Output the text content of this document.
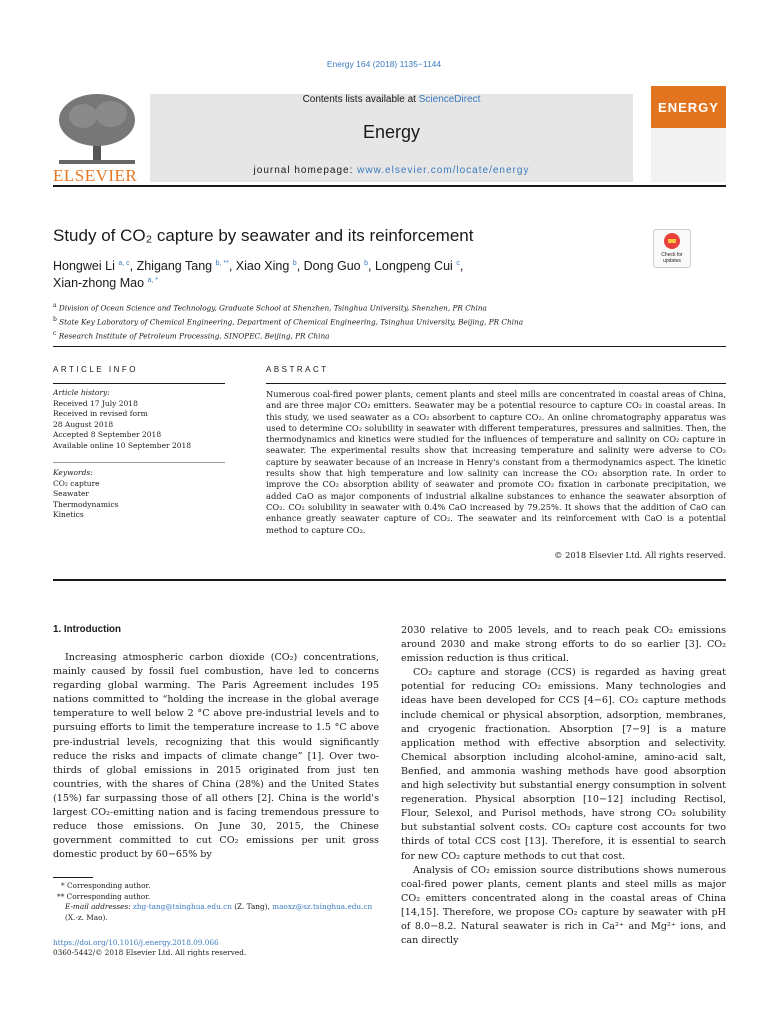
Energy 164 (2018) 1135−1144
ELSEVIER
Contents lists available at ScienceDirect
Energy
journal homepage: www.elsevier.com/locate/energy
ENERGY
Study of CO₂ capture by seawater and its reinforcement
Check for updates
Hongwei Li $^{a, c}$, Zhigang Tang $^{b, **}$, Xiao Xing $^b$, Dong Guo $^b$, Longpeng Cui $^c$,
Xian-zhong Mao $^{a, *}$
$^a$ Division of Ocean Science and Technology, Graduate School at Shenzhen, Tsinghua University, Shenzhen, PR China
$^b$ State Key Laboratory of Chemical Engineering, Department of Chemical Engineering, Tsinghua University, Beijing, PR China
$^c$ Research Institute of Petroleum Processing, SINOPEC, Beijing, PR China
ARTICLE INFO
Article history:
Received 17 July 2018
Received in revised form
28 August 2018
Accepted 8 September 2018
Available online 10 September 2018
Keywords:
CO₂ capture
Seawater
Thermodynamics
Kinetics
ABSTRACT
Numerous coal-fired power plants, cement plants and steel mills are concentrated in coastal areas of China, and are three major CO₂ emitters. Seawater may be a potential resource to capture CO₂ in coastal areas. In this study, we used seawater as a CO₂ absorbent to capture CO₂. An online chromatography apparatus was used to determine CO₂ solubility in seawater with different temperatures, pressures and salinities. Then, the thermodynamics and kinetics were studied for the influences of temperature and salinity on CO₂ capture in seawater. The experimental results show that increasing temperature and salinity were adverse to CO₂ capture by seawater because of an increase in Henry's constant from a thermodynamics aspect. The kinetic results show that high temperature and low salinity can increase the CO₂ absorption rate. In order to improve the CO₂ absorption ability of seawater and promote CO₂ fixation in carbonate precipitation, we added CaO as major components of industrial alkaline substances to enhance the seawater absorption of CO₂. CO₂ solubility in seawater with 0.4% CaO increased by 79.25%. It shows that the addition of CaO can enhance greatly seawater capture of CO₂. The seawater and its reinforcement with CaO is a potential method to capture CO₂.
© 2018 Elsevier Ltd. All rights reserved.
1. Introduction

Increasing atmospheric carbon dioxide (CO₂) concentrations, mainly caused by fossil fuel combustion, have led to concerns regarding global warming. The Paris Agreement includes 195 nations committed to “holding the increase in the global average temperature to well below 2 °C above pre-industrial levels and to pursuing efforts to limit the temperature increase to 1.5 °C above pre-industrial levels, recognizing that this would significantly reduce the risks and impacts of climate change” [1]. Over two-thirds of global emissions in 2015 originated from just ten countries, with the shares of China (28%) and the United States (15%) far surpassing those of all others [2]. China is the world's largest CO₂-emitting nation and is facing tremendous pressure to reduce those emissions. On June 30, 2015, the Chinese government committed to cut CO₂ emissions per unit gross domestic product by 60−65% by

2030 relative to 2005 levels, and to reach peak CO₂ emissions around 2030 and make strong efforts to do so earlier [3]. CO₂ emission reduction is thus critical.

CO₂ capture and storage (CCS) is regarded as having great potential for reducing CO₂ emissions. Many technologies and ideas have been developed for CCS [4−6]. CO₂ capture methods include chemical or physical absorption, adsorption, membranes, and cryogenic fractionation. Absorption [7−9] is a mature application method with effective absorption and selectivity. Chemical absorption including alcohol-amine, amino-acid salt, Benfied, and ammonia washing methods have good absorption and high selectivity but substantial energy consumption in solvent regeneration. Physical absorption [10−12] including Rectisol, Flour, Selexol, and Purisol methods, have strong CO₂ solubility but substantial solvent costs. CO₂ capture cost accounts for two thirds of total CCS cost [13]. Therefore, it is essential to search for new CO₂ capture methods to cut that cost.

Analysis of CO₂ emission source distributions shows numerous coal-fired power plants, cement plants and steel mills as major CO₂ emitters concentrated along in the coastal areas of China [14,15]. Therefore, we propose CO₂ capture by seawater with pH of 8.0−8.2. Natural seawater is rich in Ca²⁺ and Mg²⁺ ions, and can directly

* Corresponding author.
** Corresponding author.
E-mail addresses: zhg-tang@tsinghua.edu.cn (Z. Tang), maoxz@sz.tsinghua.edu.cn (X.-z. Mao).
https://doi.org/10.1016/j.energy.2018.09.066
0360-5442/© 2018 Elsevier Ltd. All rights reserved.
